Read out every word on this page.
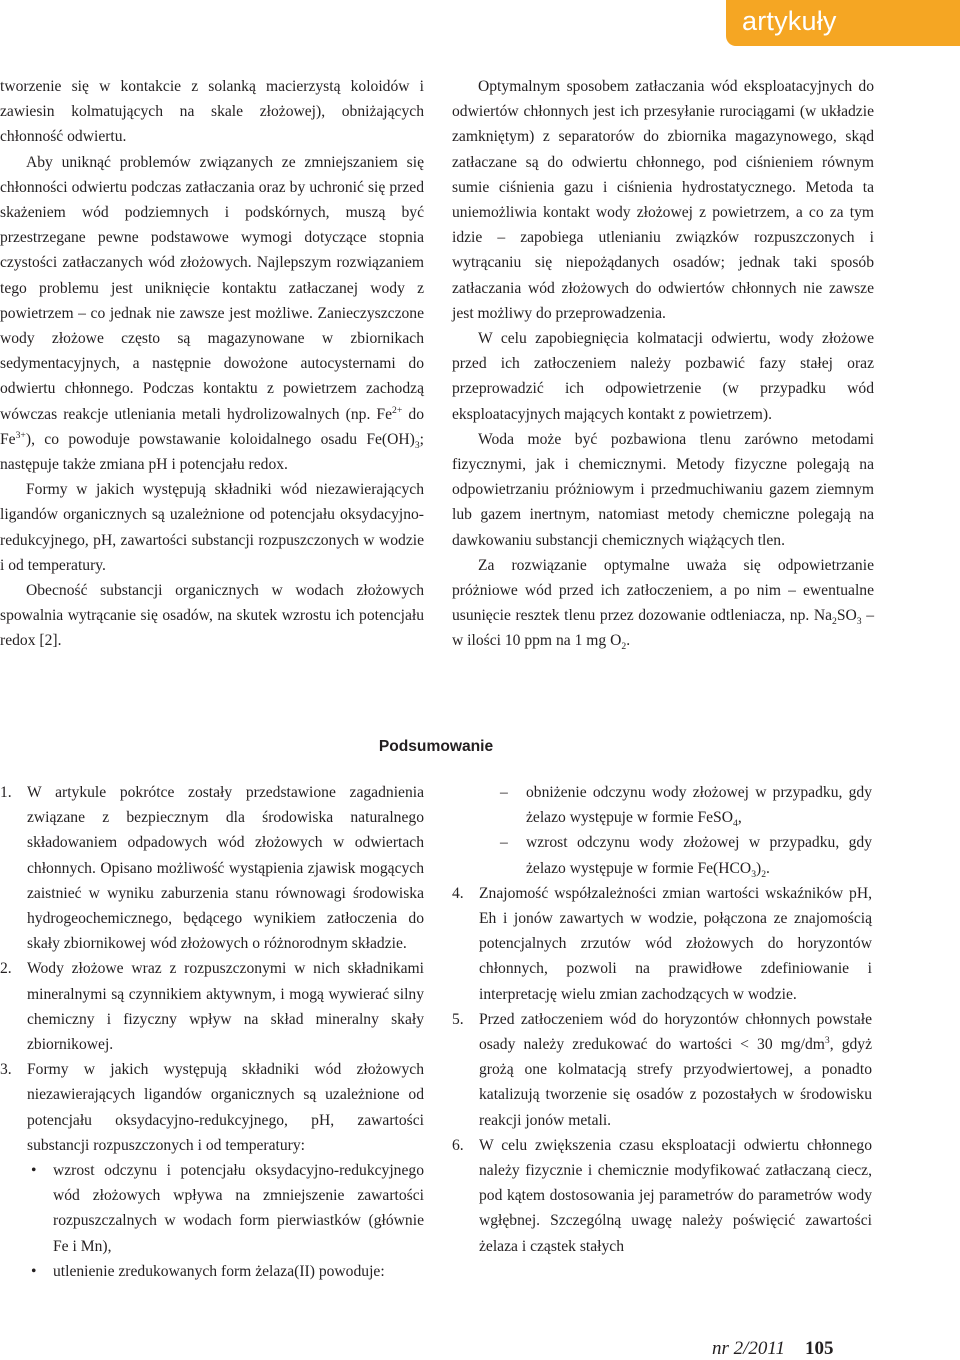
artykuły

tworzenie się w kontakcie z solanką macierzystą koloidów i zawiesin kolmatujących na skale złożowej), obniżających chłonność odwiertu.

Aby uniknąć problemów związanych ze zmniejszaniem się chłonności odwiertu podczas zatłaczania oraz by uchronić się przed skażeniem wód podziemnych i podskórnych, muszą być przestrzegane pewne podstawowe wymogi dotyczące stopnia czystości zatłaczanych wód złożowych. Najlepszym rozwiązaniem tego problemu jest uniknięcie kontaktu zatłaczanej wody z powietrzem – co jednak nie zawsze jest możliwe. Zanieczyszczone wody złożowe często są magazynowane w zbiornikach sedymentacyjnych, a następnie dowożone autocysternami do odwiertu chłonnego. Podczas kontaktu z powietrzem zachodzą wówczas reakcje utleniania metali hydrolizowalnych (np. $Fe^{2+}$ do $Fe^{3+}$), co powoduje powstawanie koloidalnego osadu $Fe(OH)_3$; następuje także zmiana pH i potencjału redox.

Formy w jakich występują składniki wód niezawierających ligandów organicznych są uzależnione od potencjału oksydacyjno-redukcyjnego, pH, zawartości substancji rozpuszczonych w wodzie i od temperatury.

Obecność substancji organicznych w wodach złożowych spowalnia wytrącanie się osadów, na skutek wzrostu ich potencjału redox [2].

Optymalnym sposobem zatłaczania wód eksploatacyjnych do odwiertów chłonnych jest ich przesyłanie rurociągami (w układzie zamkniętym) z separatorów do zbiornika magazynowego, skąd zatłaczane są do odwiertu chłonnego, pod ciśnieniem równym sumie ciśnienia gazu i ciśnienia hydrostatycznego. Metoda ta uniemożliwia kontakt wody złożowej z powietrzem, a co za tym idzie – zapobiega utlenianiu związków rozpuszczonych i wytrącaniu się niepożądanych osadów; jednak taki sposób zatłaczania wód złożowych do odwiertów chłonnych nie zawsze jest możliwy do przeprowadzenia.

W celu zapobiegnięcia kolmatacji odwiertu, wody złożowe przed ich zatłoczeniem należy pozbawić fazy stałej oraz przeprowadzić ich odpowietrzenie (w przypadku wód eksploatacyjnych mających kontakt z powietrzem).

Woda może być pozbawiona tlenu zarówno metodami fizycznymi, jak i chemicznymi. Metody fizyczne polegają na odpowietrzaniu próżniowym i przedmuchiwaniu gazem ziemnym lub gazem inertnym, natomiast metody chemiczne polegają na dawkowaniu substancji chemicznych wiążących tlen.

Za rozwiązanie optymalne uważa się odpowietrzanie próżniowe wód przed ich zatłoczeniem, a po nim – ewentualne usunięcie resztek tlenu przez dozowanie odtleniacza, np. $Na_2SO_3$ – w ilości 10 ppm na 1 mg $O_2$.

Podsumowanie
1. W artykule pokrótce zostały przedstawione zagadnienia związane z bezpiecznym dla środowiska naturalnego składowaniem odpadowych wód złożowych w odwiertach chłonnych. Opisano możliwość wystąpienia zjawisk mogących zaistnieć w wyniku zaburzenia stanu równowagi środowiska hydrogeochemicznego, będącego wynikiem zatłoczenia do skały zbiornikowej wód złożowych o różnorodnym składzie.
2. Wody złożowe wraz z rozpuszczonymi w nich składnikami mineralnymi są czynnikiem aktywnym, i mogą wywierać silny chemiczny i fizyczny wpływ na skład mineralny skały zbiornikowej.
3. Formy w jakich występują składniki wód złożowych niezawierających ligandów organicznych są uzależnione od potencjału oksydacyjno-redukcyjnego, pH, zawartości substancji rozpuszczonych i od temperatury:
• wzrost odczynu i potencjału oksydacyjno-redukcyjnego wód złożowych wpływa na zmniejszenie zawartości rozpuszczalnych w wodach form pierwiastków (głównie Fe i Mn),
• utlenienie zredukowanych form żelaza(II) powoduje:
– obniżenie odczynu wody złożowej w przypadku, gdy żelazo występuje w formie FeSO$_4$,
– wzrost odczynu wody złożowej w przypadku, gdy żelazo występuje w formie $Fe(HCO_3)_2$.
4. Znajomość współzależności zmian wartości wskaźników pH, Eh i jonów zawartych w wodzie, połączona ze znajomością potencjalnych zrzutów wód złożowych do horyzontów chłonnych, pozwoli na prawidłowe zdefiniowanie i interpretację wielu zmian zachodzących w wodzie.
5. Przed zatłoczeniem wód do horyzontów chłonnych powstałe osady należy zredukować do wartości < 30 $mg/dm^3$, gdyż grożą one kolmatacją strefy przyodwiertowej, a ponadto katalizują tworzenie się osadów z pozostałych w środowisku reakcji jonów metali.
6. W celu zwiększenia czasu eksploatacji odwiertu chłonnego należy fizycznie i chemicznie modyfikować zatłaczaną ciecz, pod kątem dostosowania jej parametrów do parametrów wody wgłębnej. Szczególną uwagę należy poświęcić zawartości żelaza i cząstek stałych
nr 2/2011 105
